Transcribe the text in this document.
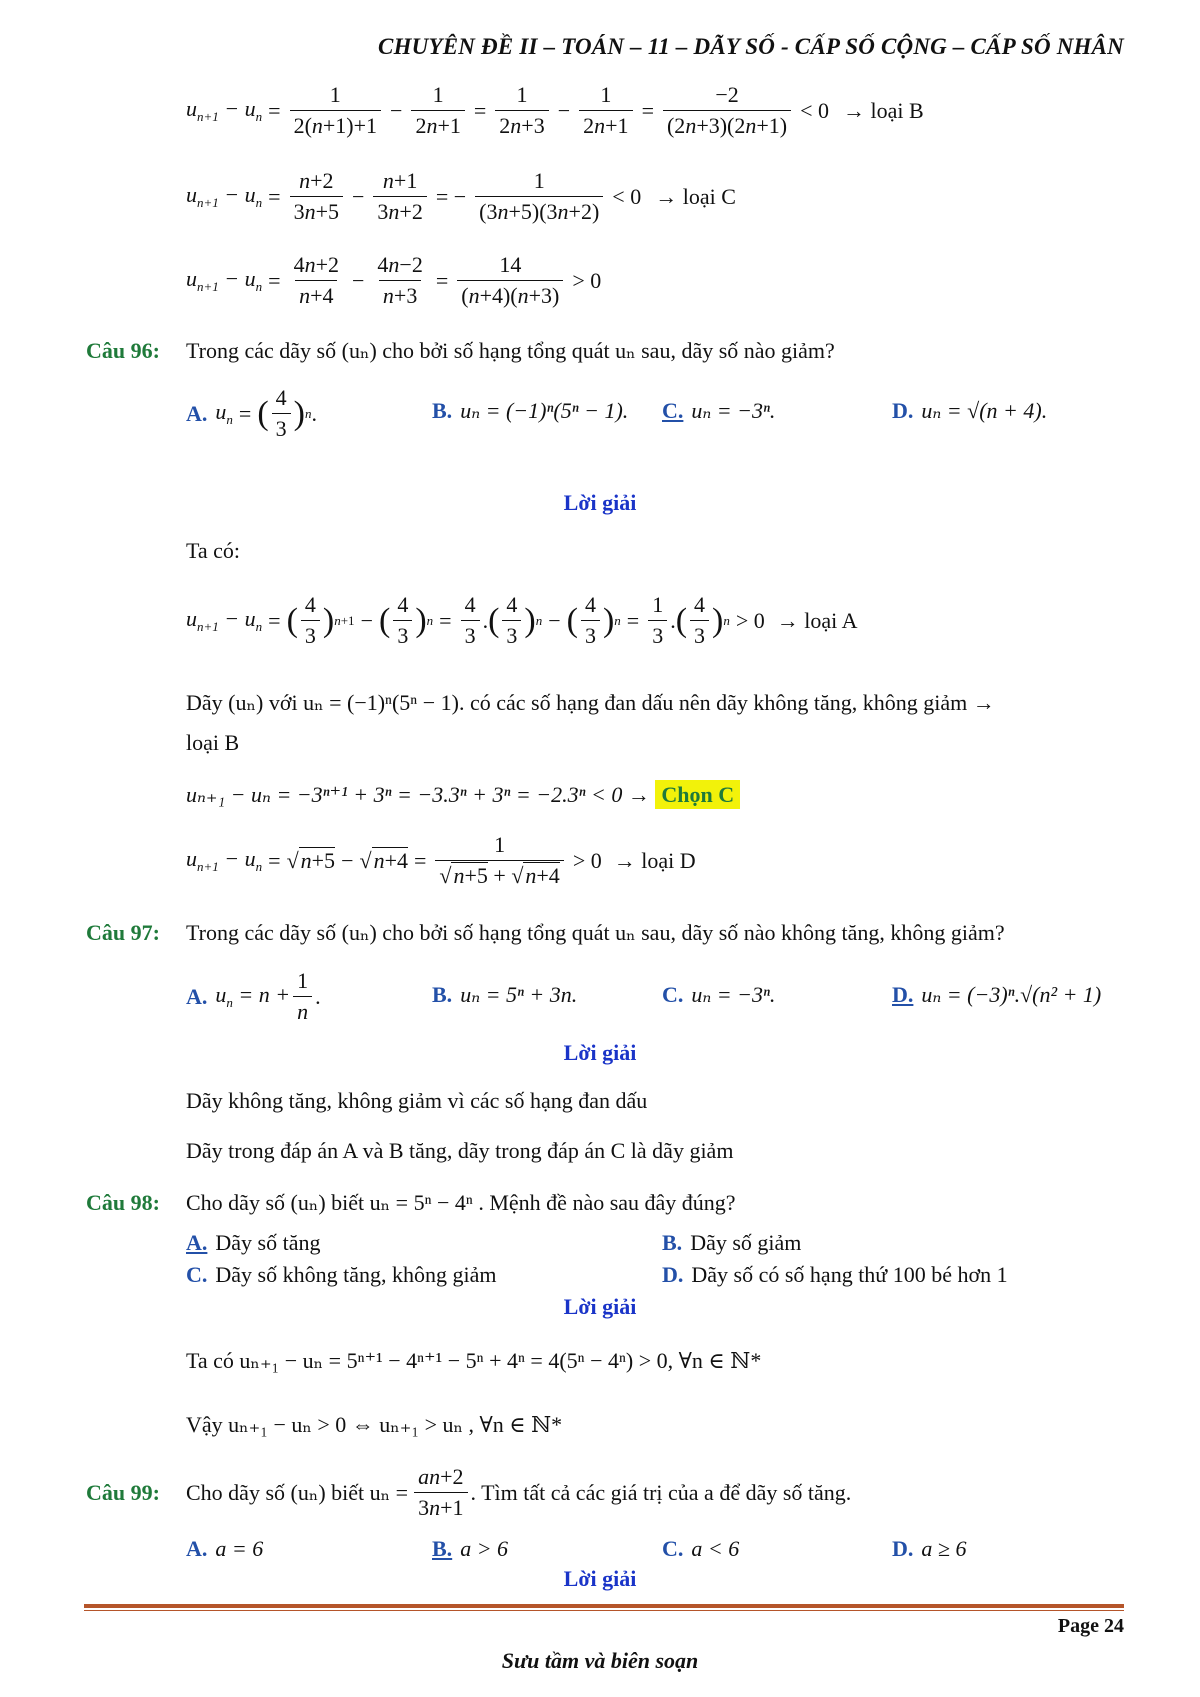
CHUYÊN ĐỀ II – TOÁN – 11 – DÃY SỐ - CẤP SỐ CỘNG – CẤP SỐ NHÂN
$u_{n+1} - u_n = \frac{1}{2(n+1)+1} - \frac{1}{2n+1} = \frac{1}{2n+3} - \frac{1}{2n+1} = \frac{-2}{(2n+3)(2n+1)} < 0$ → loại B
$u_{n+1} - u_n = \frac{n+2}{3n+5} - \frac{n+1}{3n+2}$ = − $\frac{1}{(3n+5)(3n+2)} < 0$ → loại C
$u_{n+1} - u_n = \frac{4n+2}{n+4} - \frac{4n-2}{n+3} = \frac{14}{(n+4)(n+3)} > 0$
Câu 96: Trong các dãy số (uₙ) cho bởi số hạng tổng quát uₙ sau, dãy số nào giảm?
A. $u_n$ = ( $\frac{4}{3}$ ) n .	B. uₙ = (−1)ⁿ(5ⁿ − 1). C. uₙ = −3ⁿ.	D. uₙ = √(n + 4).
Lời giải
Ta có:
$u_{n+1} - u_n$ = ( $\frac{4}{3}$ ) n+1 − ( $\frac{4}{3}$ ) $n = \frac{4}{3}$ . ( $\frac{4}{3}$ ) n − ( $\frac{4}{3}$ ) $n = \frac{1}{3}$ . ( $\frac{4}{3}$ ) n > 0 → loại A
Dãy (uₙ) với uₙ = (−1)ⁿ(5ⁿ − 1). có các số hạng đan dấu nên dãy không tăng, không giảm →
loại B
uₙ₊₁ − uₙ = −3ⁿ⁺¹ + 3ⁿ = −3.3ⁿ + 3ⁿ = −2.3ⁿ < 0 → Chọn C
$u_{n+1} - u_n$ = √ n+5 − √ $n+4 = \frac{1}{√n+5 + √n+4} > 0$ → loại D
Câu 97: Trong các dãy số (uₙ) cho bởi số hạng tổng quát uₙ sau, dãy số nào không tăng, không giảm?
A. $u_n = n + \frac{1}{n}$ .	B. uₙ = 5ⁿ + 3n.	C. uₙ = −3ⁿ.	D. uₙ = (−3)ⁿ.√(n² + 1)
Lời giải
Dãy không tăng, không giảm vì các số hạng đan dấu
Dãy trong đáp án A và B tăng, dãy trong đáp án C là dãy giảm
Câu 98: Cho dãy số (uₙ) biết uₙ = 5ⁿ − 4ⁿ . Mệnh đề nào sau đây đúng?
A. Dãy số tăng	B. Dãy số giảm
C. Dãy số không tăng, không giảm	D. Dãy số có số hạng thứ 100 bé hơn 1
Lời giải
Ta có uₙ₊₁ − uₙ = 5ⁿ⁺¹ − 4ⁿ⁺¹ − 5ⁿ + 4ⁿ = 4(5ⁿ − 4ⁿ) > 0, ∀n ∈ ℕ*
Vậy uₙ₊₁ − uₙ > 0 ⇔ uₙ₊₁ > uₙ , ∀n ∈ ℕ*
Câu 99: Cho dãy số (uₙ) biết $u_n = \frac{an+2}{3n+1}$ . Tìm tất cả các giá trị của a để dãy số tăng.
A. a = 6	B. a > 6	C. a < 6	D. a ≥ 6
Lời giải
Page 24
Sưu tầm và biên soạn
